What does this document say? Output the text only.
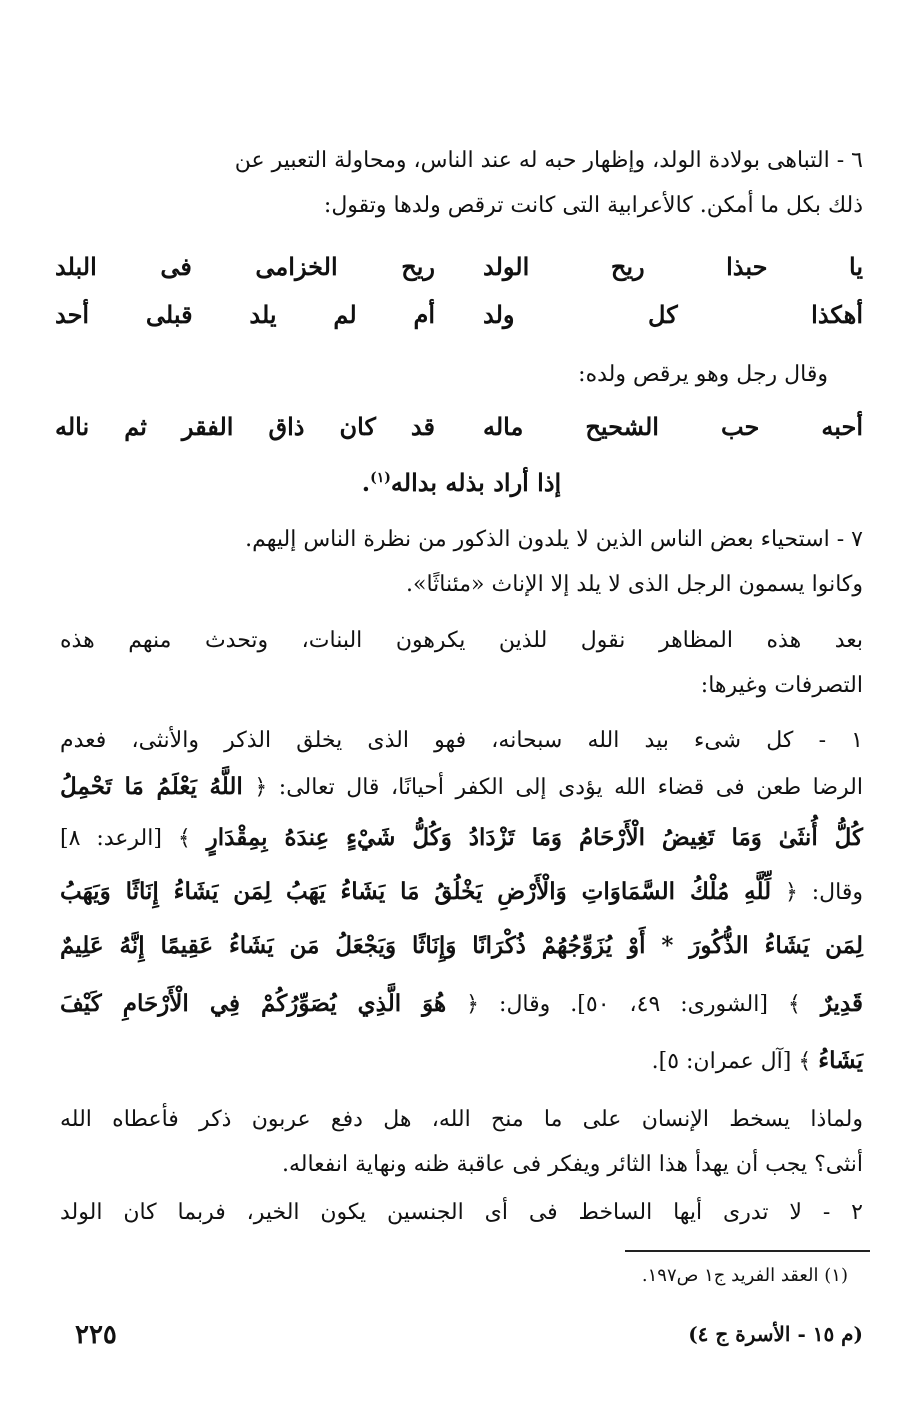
٦ - التباهى بولادة الولد، وإظهار حبه له عند الناس، ومحاولة التعبير عن
ذلك بكل ما أمكن. كالأعرابية التى كانت ترقص ولدها وتقول:
يا حبذا ريح الولد
ريح الخزامى فى البلد
أهكذا كل ولد
أم لم يلد قبلى أحد
وقال رجل وهو يرقص ولده:
أحبه حب الشحيح ماله
قد كان ذاق الفقر ثم ناله
إذا أراد بذله بداله$^{(١)}$.
٧ - استحياء بعض الناس الذين لا يلدون الذكور من نظرة الناس إليهم.
وكانوا يسمون الرجل الذى لا يلد إلا الإناث «مئناثًا».
بعد هذه المظاهر نقول للذين يكرهون البنات، وتحدث منهم هذه
التصرفات وغيرها:
١ - كل شىء بيد الله سبحانه، فهو الذى يخلق الذكر والأنثى، فعدم
الرضا طعن فى قضاء الله يؤدى إلى الكفر أحيانًا، قال تعالى: ﴿ اللَّهُ يَعْلَمُ مَا تَحْمِلُ
كُلُّ أُنثَىٰ وَمَا تَغِيضُ الْأَرْحَامُ وَمَا تَزْدَادُ وَكُلُّ شَيْءٍ عِندَهُ بِمِقْدَارٍ ﴾ [الرعد: ٨]
وقال: ﴿ لِّلَّهِ مُلْكُ السَّمَاوَاتِ وَالْأَرْضِ يَخْلُقُ مَا يَشَاءُ يَهَبُ لِمَن يَشَاءُ إِنَاثًا وَيَهَبُ
لِمَن يَشَاءُ الذُّكُورَ * أَوْ يُزَوِّجُهُمْ ذُكْرَانًا وَإِنَاثًا وَيَجْعَلُ مَن يَشَاءُ عَقِيمًا إِنَّهُ عَلِيمٌ
قَدِيرٌ ﴾ [الشورى: ٤٩، ٥٠]. وقال: ﴿ هُوَ الَّذِي يُصَوِّرُكُمْ فِي الْأَرْحَامِ كَيْفَ
يَشَاءُ ﴾ [آل عمران: ٥].
ولماذا يسخط الإنسان على ما منح الله، هل دفع عربون ذكر فأعطاه الله
أنثى؟ يجب أن يهدأ هذا الثائر ويفكر فى عاقبة ظنه ونهاية انفعاله.
٢ - لا تدرى أيها الساخط فى أى الجنسين يكون الخير، فربما كان الولد
(١) العقد الفريد ج١ ص١٩٧.
٢٢٥	(م ١٥ - الأسرة ج ٤)
